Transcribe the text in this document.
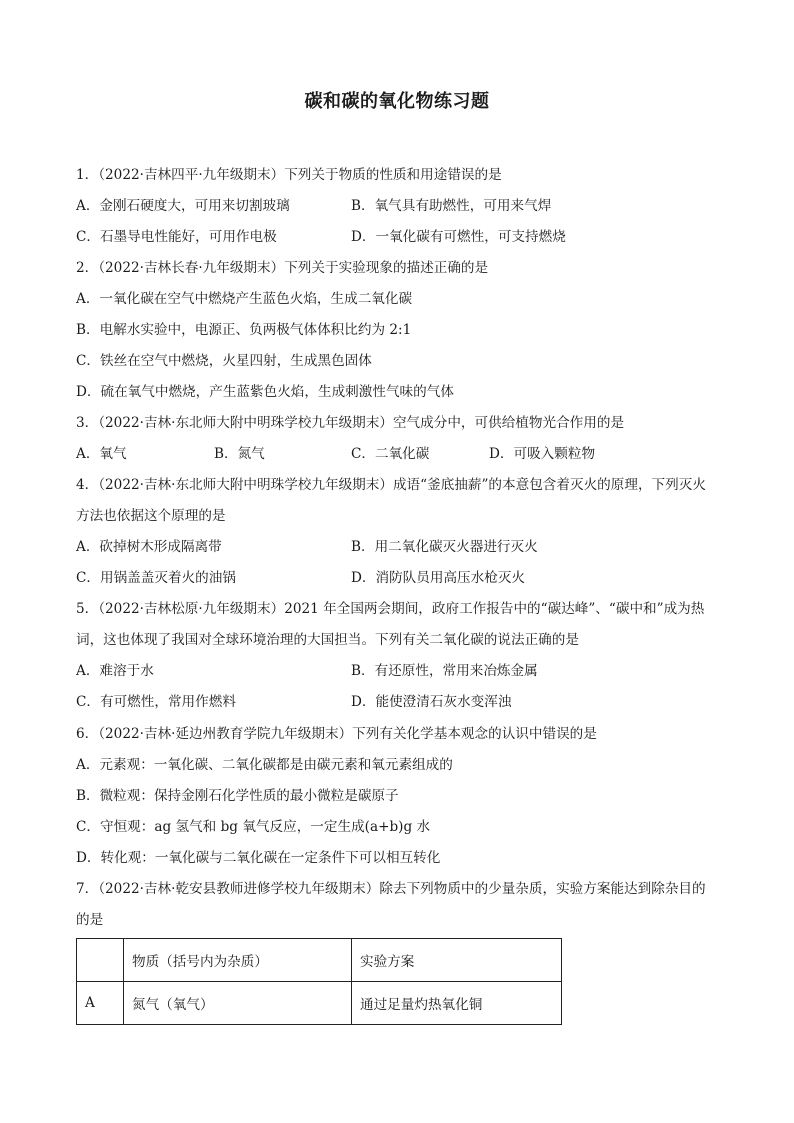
碳和碳的氧化物练习题
1．（2022·吉林四平·九年级期末）下列关于物质的性质和用途错误的是
A．金刚石硬度大，可用来切割玻璃	B．氧气具有助燃性，可用来气焊
C．石墨导电性能好，可用作电极	D．一氧化碳有可燃性，可支持燃烧
2．（2022·吉林长春·九年级期末）下列关于实验现象的描述正确的是
A．一氧化碳在空气中燃烧产生蓝色火焰，生成二氧化碳
B．电解水实验中，电源正、负两极气体体积比约为 2:1
C．铁丝在空气中燃烧，火星四射，生成黑色固体
D．硫在氧气中燃烧，产生蓝紫色火焰，生成刺激性气味的气体
3．（2022·吉林·东北师大附中明珠学校九年级期末）空气成分中，可供给植物光合作用的是
A．氧气	B．氮气	C．二氧化碳	D．可吸入颗粒物
4．（2022·吉林·东北师大附中明珠学校九年级期末）成语“釜底抽薪”的本意包含着灭火的原理，下列灭火
方法也依据这个原理的是
A．砍掉树木形成隔离带	B．用二氧化碳灭火器进行灭火
C．用锅盖盖灭着火的油锅	D．消防队员用高压水枪灭火
5．（2022·吉林松原·九年级期末）2021 年全国两会期间，政府工作报告中的“碳达峰”、“碳中和”成为热
词，这也体现了我国对全球环境治理的大国担当。下列有关二氧化碳的说法正确的是
A．难溶于水	B．有还原性，常用来冶炼金属
C．有可燃性，常用作燃料	D．能使澄清石灰水变浑浊
6．（2022·吉林·延边州教育学院九年级期末）下列有关化学基本观念的认识中错误的是
A．元素观：一氧化碳、二氧化碳都是由碳元素和氧元素组成的
B．微粒观：保持金刚石化学性质的最小微粒是碳原子
C．守恒观：ag 氢气和 bg 氧气反应，一定生成(a+b)g 水
D．转化观：一氧化碳与二氧化碳在一定条件下可以相互转化
7．（2022·吉林·乾安县教师进修学校九年级期末）除去下列物质中的少量杂质，实验方案能达到除杂目的
的是
	物质（括号内为杂质）	实验方案
A	氮气（氧气）	通过足量灼热氧化铜
